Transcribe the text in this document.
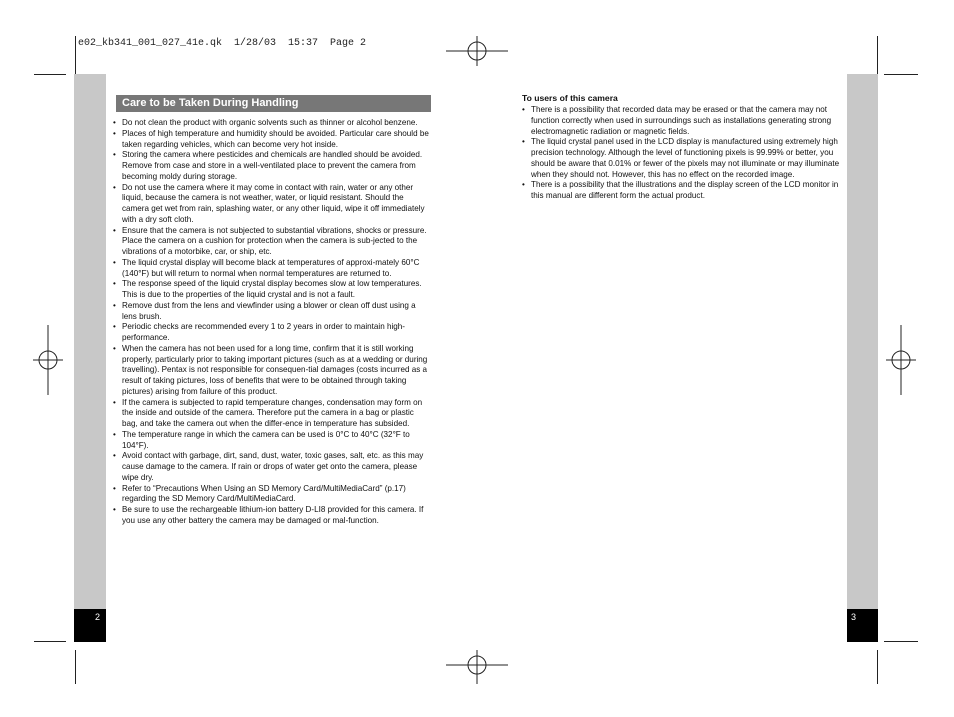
e02_kb341_001_027_41e.qk  1/28/03  15:37  Page 2
2	3
Care to be Taken During Handling
• Do not clean the product with organic solvents such as thinner or alcohol benzene.
• Places of high temperature and humidity should be avoided. Particular care should be taken regarding vehicles, which can become very hot inside.
• Storing the camera where pesticides and chemicals are handled should be avoided.
Remove from case and store in a well-ventilated place to prevent the camera from becoming moldy during storage.
• Do not use the camera where it may come in contact with rain, water or any other liquid, because the camera is not weather, water, or liquid resistant. Should the camera get wet from rain, splashing water, or any other liquid, wipe it off immediately with a dry soft cloth.
• Ensure that the camera is not subjected to substantial vibrations, shocks or pressure.
Place the camera on a cushion for protection when the camera is sub-jected to the vibrations of a motorbike, car, or ship, etc.
• The liquid crystal display will become black at temperatures of approxi-mately 60°C (140°F) but will return to normal when normal temperatures are returned to.
• The response speed of the liquid crystal display becomes slow at low temperatures.
This is due to the properties of the liquid crystal and is not a fault.
• Remove dust from the lens and viewfinder using a blower or clean off dust using a lens brush.
• Periodic checks are recommended every 1 to 2 years in order to maintain high-performance.
• When the camera has not been used for a long time, confirm that it is still working properly, particularly prior to taking important pictures (such as at a wedding or during travelling). Pentax is not responsible for consequen-tial damages (costs incurred as a result of taking pictures, loss of benefits that were to be obtained through taking pictures) arising from failure of this product.
• If the camera is subjected to rapid temperature changes, condensation may form on the inside and outside of the camera. Therefore put the camera in a bag or plastic bag, and take the camera out when the differ-ence in temperature has subsided.
• The temperature range in which the camera can be used is 0°C to 40°C (32°F to 104°F).
• Avoid contact with garbage, dirt, sand, dust, water, toxic gases, salt, etc. as this may cause damage to the camera. If rain or drops of water get onto the camera, please wipe dry.
• Refer to “Precautions When Using an SD Memory Card/MultiMediaCard” (p.17) regarding the SD Memory Card/MultiMediaCard.
• Be sure to use the rechargeable lithium-ion battery D-LI8 provided for this camera. If you use any other battery the camera may be damaged or mal-function.
To users of this camera
• There is a possibility that recorded data may be erased or that the camera may not function correctly when used in surroundings such as installations generating strong electromagnetic radiation or magnetic fields.
• The liquid crystal panel used in the LCD display is manufactured using extremely high precision technology. Although the level of functioning pixels is 99.99% or better, you should be aware that 0.01% or fewer of the pixels may not illuminate or may illuminate when they should not. However, this has no effect on the recorded image.
• There is a possibility that the illustrations and the display screen of the LCD monitor in this manual are different form the actual product.
